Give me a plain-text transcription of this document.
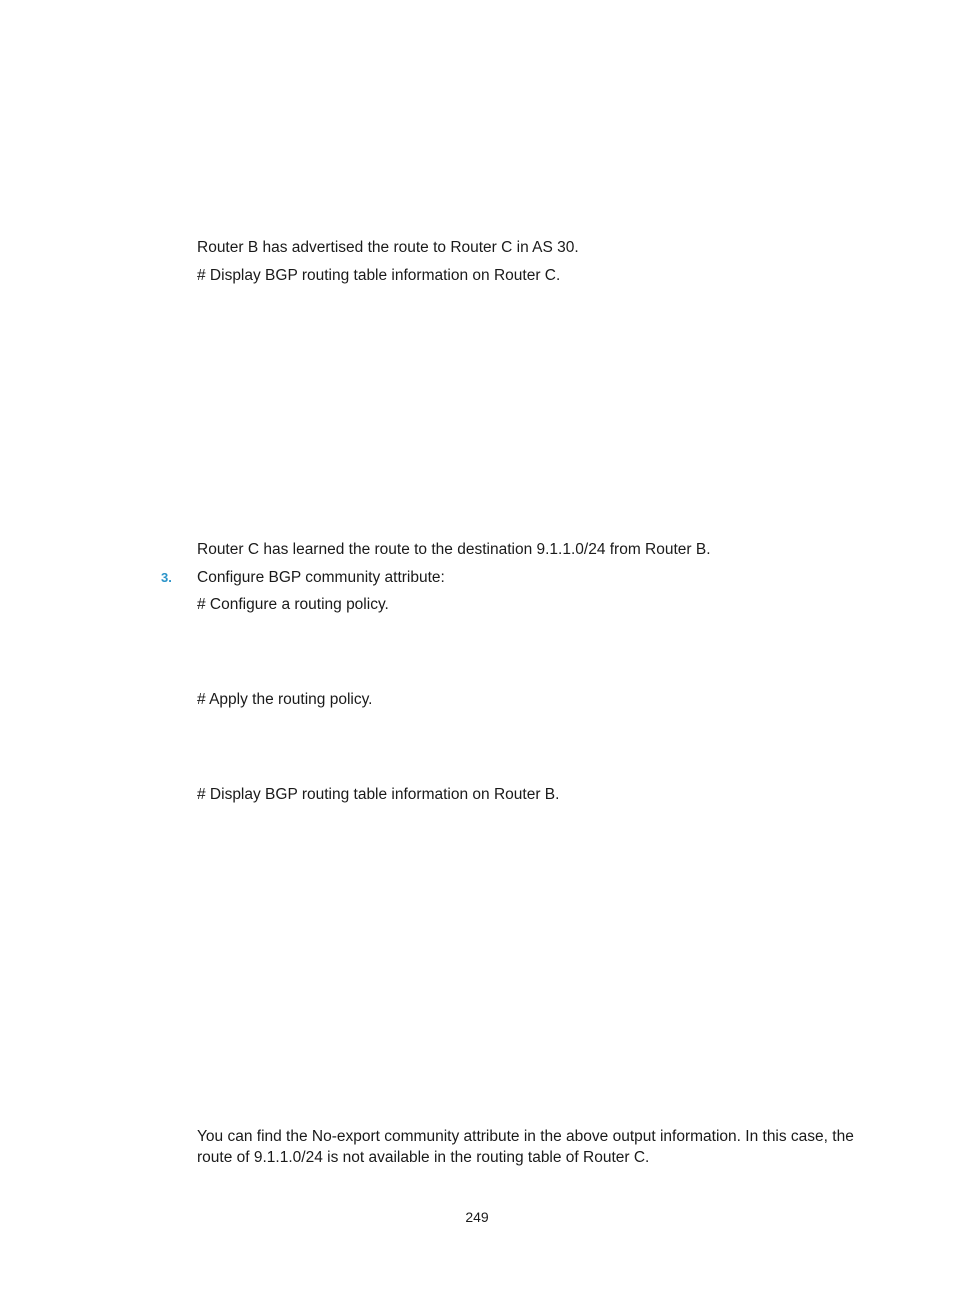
Router B has advertised the route to Router C in AS 30.
# Display BGP routing table information on Router C.
Router C has learned the route to the destination 9.1.1.0/24 from Router B.
3. Configure BGP community attribute:
# Configure a routing policy.
# Apply the routing policy.
# Display BGP routing table information on Router B.
You can find the No-export community attribute in the above output information. In this case, the route of 9.1.1.0/24 is not available in the routing table of Router C.
249
